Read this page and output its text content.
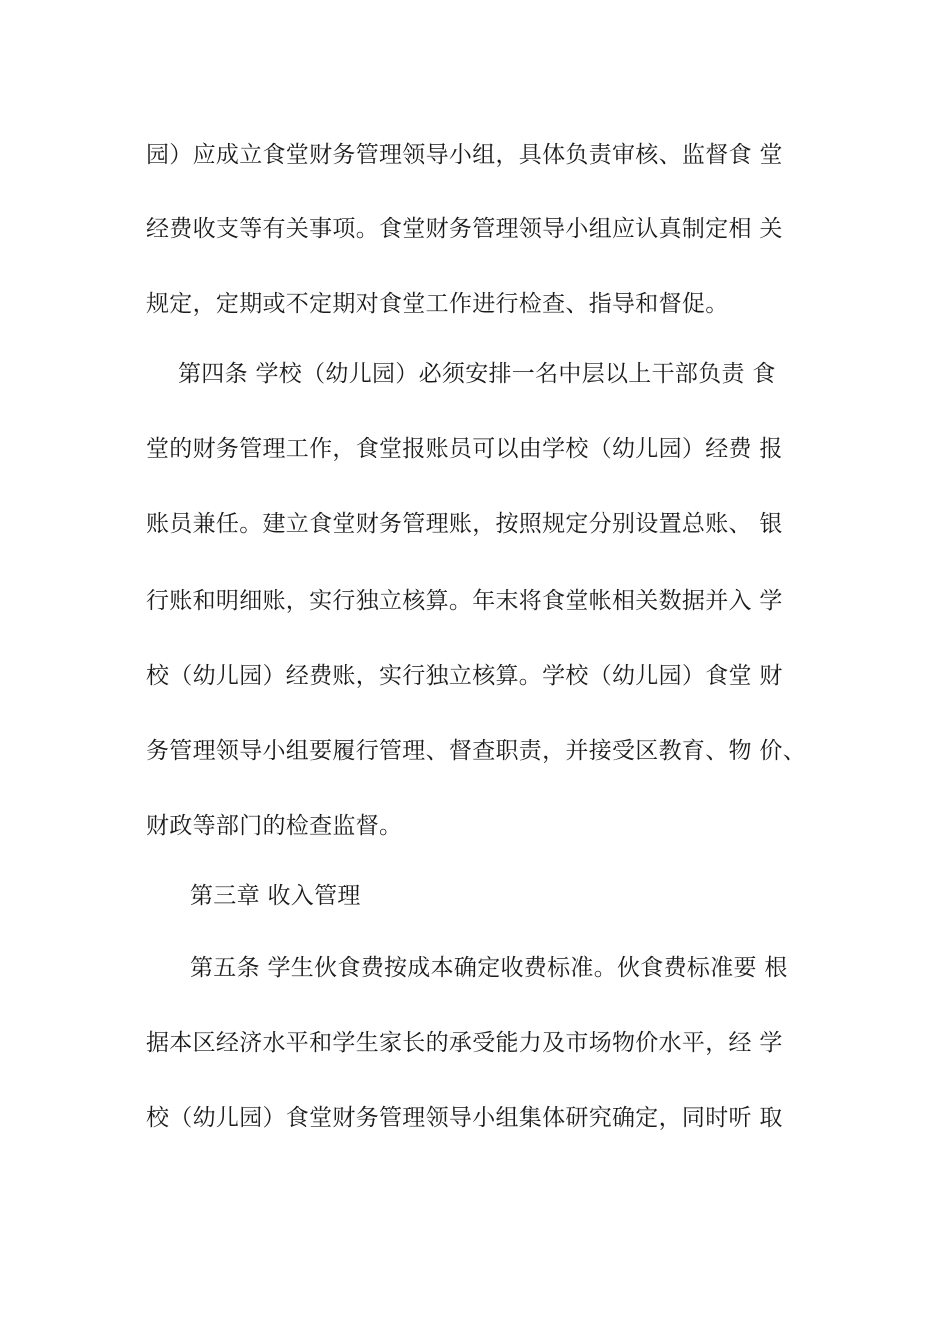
园）应成立食堂财务管理领导小组，具体负责审核、监督食 堂
经费收支等有关事项。食堂财务管理领导小组应认真制定相 关
规定，定期或不定期对食堂工作进行检查、指导和督促。
第四条 学校（幼儿园）必须安排一名中层以上干部负责 食
堂的财务管理工作，食堂报账员可以由学校（幼儿园）经费 报
账员兼任。建立食堂财务管理账，按照规定分别设置总账、 银
行账和明细账，实行独立核算。年末将食堂帐相关数据并入 学
校（幼儿园）经费账，实行独立核算。学校（幼儿园）食堂 财
务管理领导小组要履行管理、督查职责，并接受区教育、物 价、
财政等部门的检查监督。
第三章 收入管理
第五条 学生伙食费按成本确定收费标准。伙食费标准要 根
据本区经济水平和学生家长的承受能力及市场物价水平，经 学
校（幼儿园）食堂财务管理领导小组集体研究确定，同时听 取
